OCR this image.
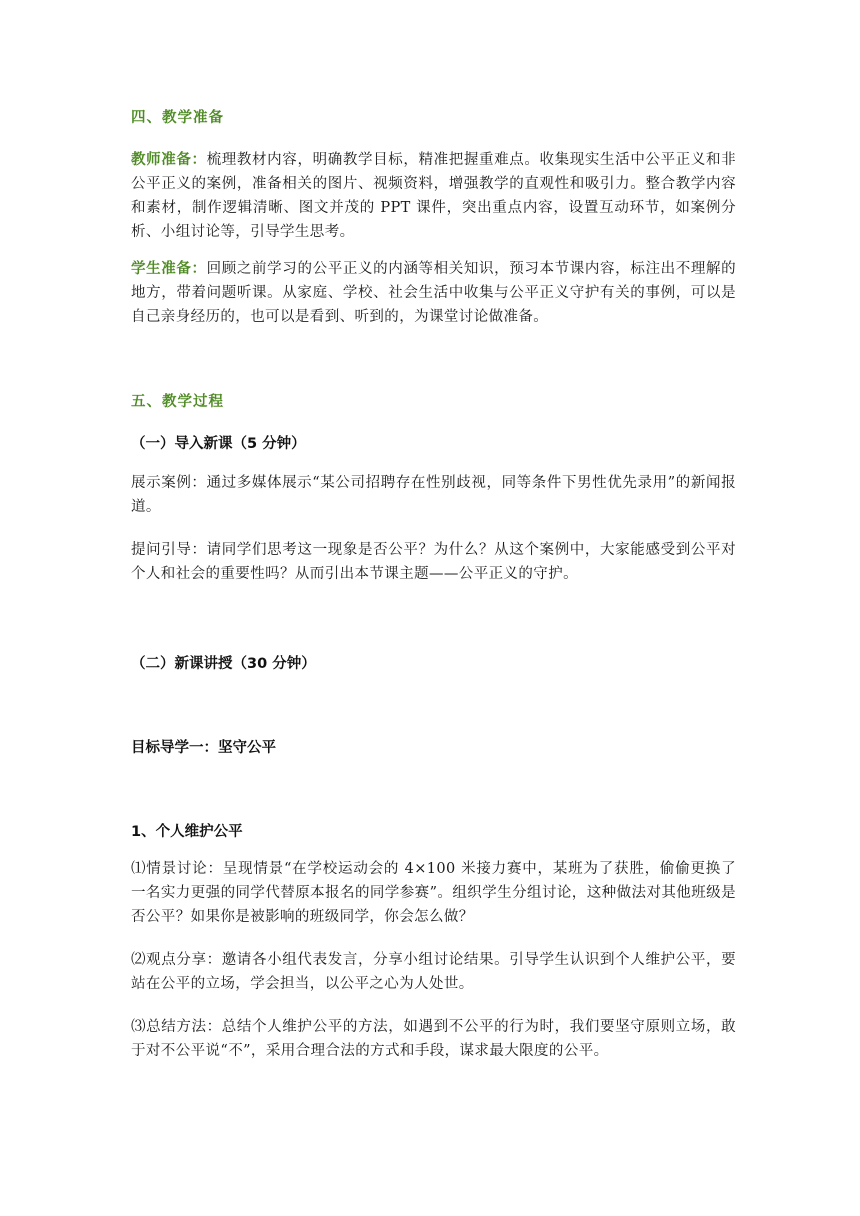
四、教学准备

教师准备：梳理教材内容，明确教学目标，精准把握重难点。收集现实生活中公平正义和非公平正义的案例，准备相关的图片、视频资料，增强教学的直观性和吸引力。整合教学内容和素材，制作逻辑清晰、图文并茂的 PPT 课件，突出重点内容，设置互动环节，如案例分析、小组讨论等，引导学生思考。

学生准备：回顾之前学习的公平正义的内涵等相关知识，预习本节课内容，标注出不理解的地方，带着问题听课。从家庭、学校、社会生活中收集与公平正义守护有关的事例，可以是自己亲身经历的，也可以是看到、听到的，为课堂讨论做准备。

五、教学过程
（一）导入新课（5 分钟）

展示案例：通过多媒体展示“某公司招聘存在性别歧视，同等条件下男性优先录用”的新闻报道。

提问引导：请同学们思考这一现象是否公平？为什么？从这个案例中，大家能感受到公平对个人和社会的重要性吗？从而引出本节课主题——公平正义的守护。

（二）新课讲授（30 分钟）
目标导学一：坚守公平
1、个人维护公平

⑴情景讨论：呈现情景“在学校运动会的 4×100 米接力赛中，某班为了获胜，偷偷更换了一名实力更强的同学代替原本报名的同学参赛”。组织学生分组讨论，这种做法对其他班级是否公平？如果你是被影响的班级同学，你会怎么做？

⑵观点分享：邀请各小组代表发言，分享小组讨论结果。引导学生认识到个人维护公平，要站在公平的立场，学会担当，以公平之心为人处世。

⑶总结方法：总结个人维护公平的方法，如遇到不公平的行为时，我们要坚守原则立场，敢于对不公平说“不”，采用合理合法的方式和手段，谋求最大限度的公平。
